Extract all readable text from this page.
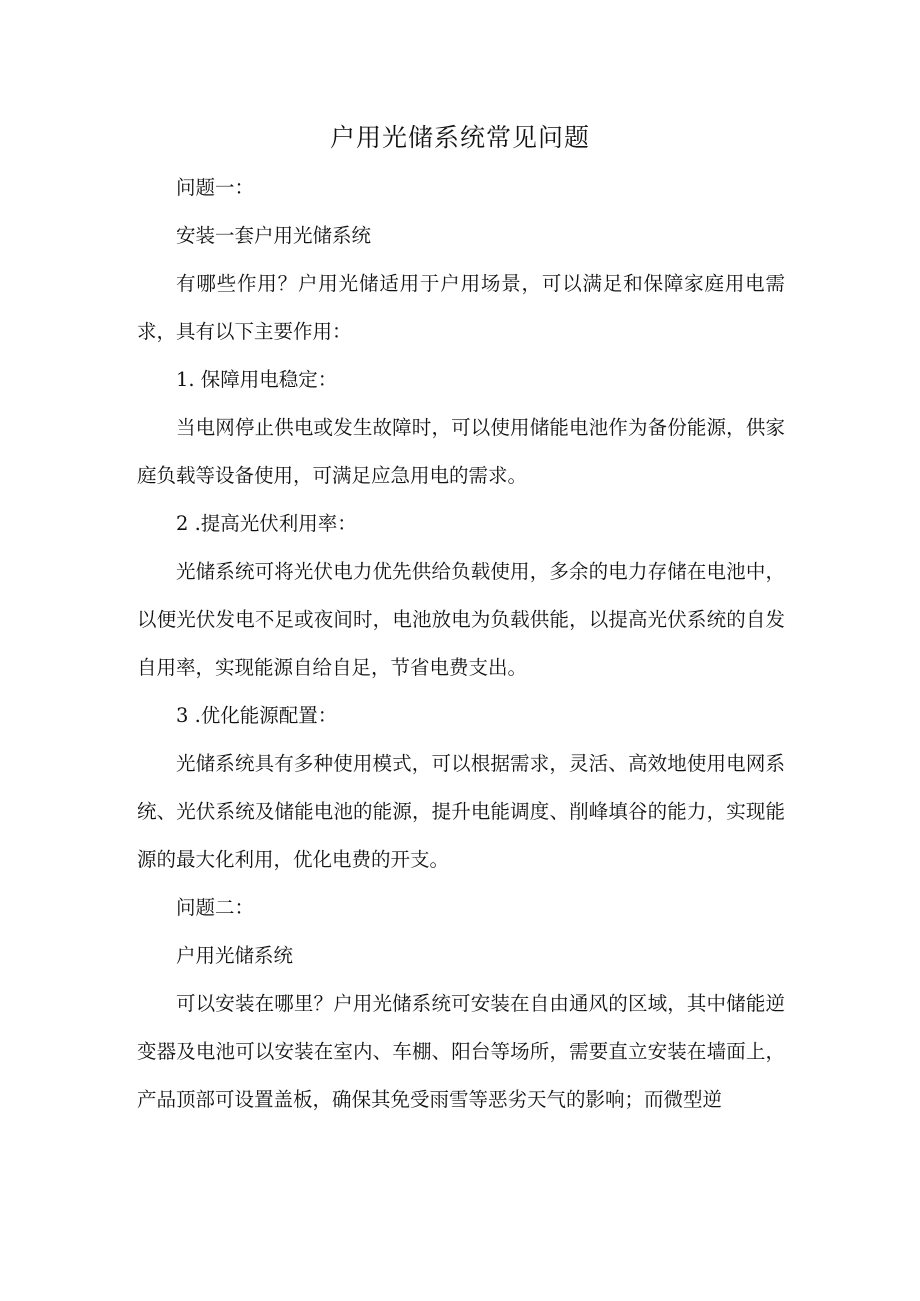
户用光储系统常见问题

问题一：

安装一套户用光储系统

有哪些作用？户用光储适用于户用场景，可以满足和保障家庭用电需求，具有以下主要作用：

1. 保障用电稳定：

当电网停止供电或发生故障时，可以使用储能电池作为备份能源，供家庭负载等设备使用，可满足应急用电的需求。

2 .提高光伏利用率：

光储系统可将光伏电力优先供给负载使用，多余的电力存储在电池中，以便光伏发电不足或夜间时，电池放电为负载供能，以提高光伏系统的自发自用率，实现能源自给自足，节省电费支出。

3 .优化能源配置：

光储系统具有多种使用模式，可以根据需求，灵活、高效地使用电网系统、光伏系统及储能电池的能源，提升电能调度、削峰填谷的能力，实现能源的最大化利用，优化电费的开支。

问题二：

户用光储系统

可以安装在哪里？户用光储系统可安装在自由通风的区域，其中储能逆变器及电池可以安装在室内、车棚、阳台等场所，需要直立安装在墙面上，产品顶部可设置盖板，确保其免受雨雪等恶劣天气的影响；而微型逆
